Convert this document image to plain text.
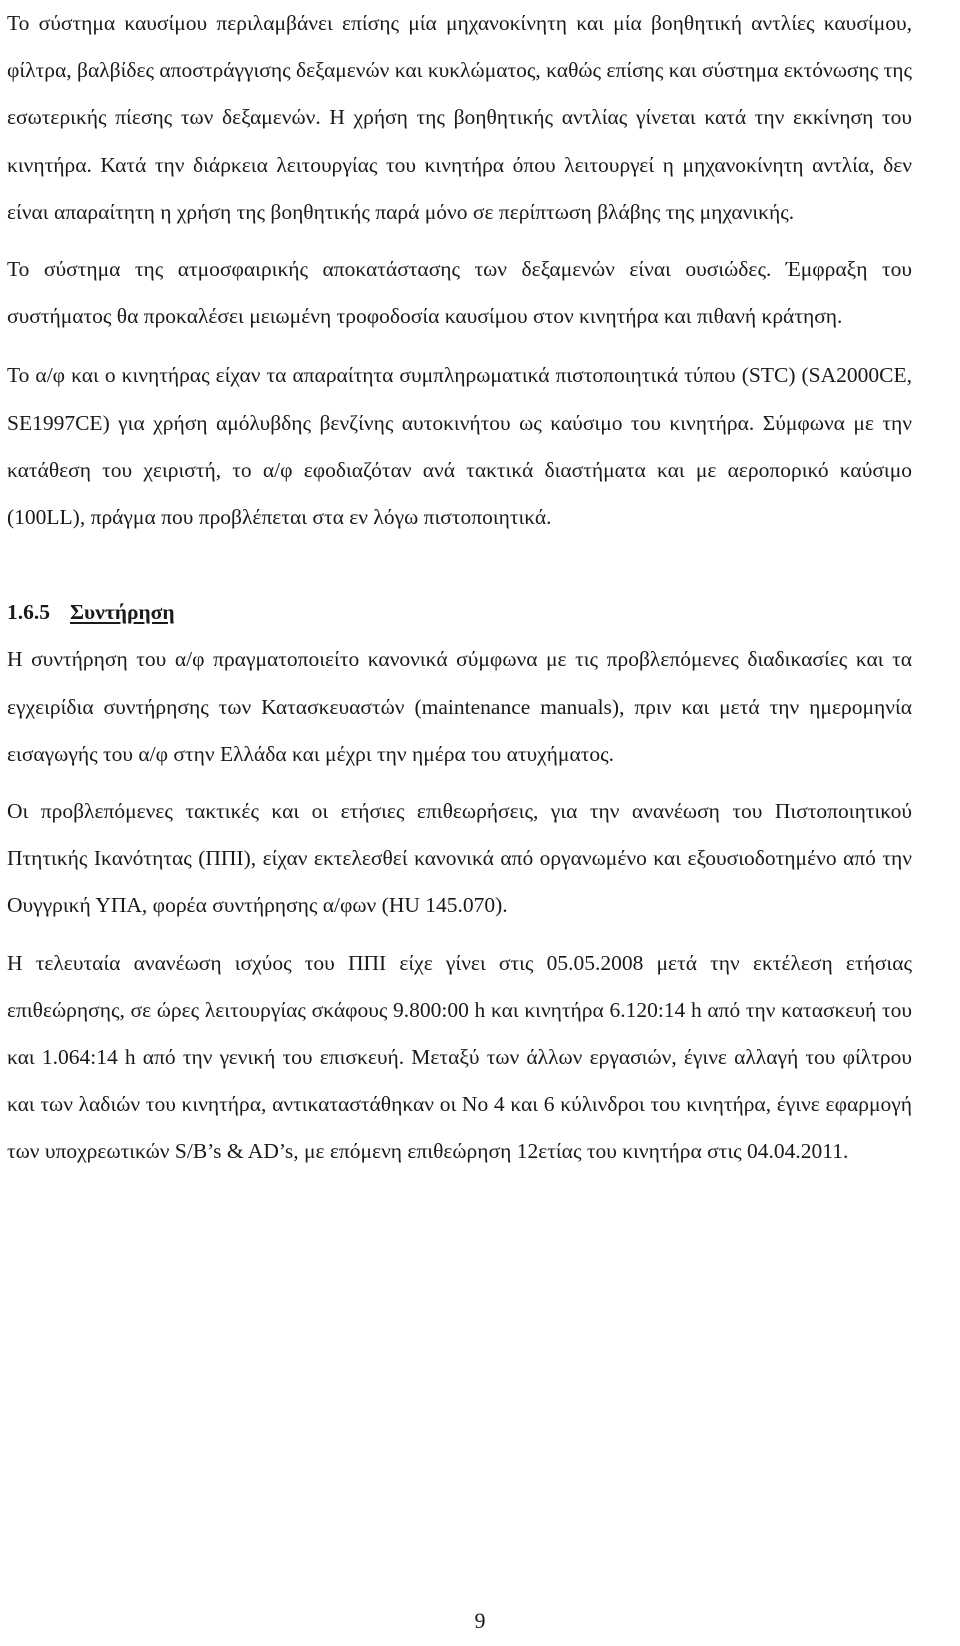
Το σύστημα καυσίμου περιλαμβάνει επίσης μία μηχανοκίνητη και μία βοηθητική αντλίες καυσίμου, φίλτρα, βαλβίδες αποστράγγισης δεξαμενών και κυκλώματος, καθώς επίσης και σύστημα εκτόνωσης της εσωτερικής πίεσης των δεξαμενών. Η χρήση της βοηθητικής αντλίας γίνεται κατά την εκκίνηση του κινητήρα. Κατά την διάρκεια λειτουργίας του κινητήρα όπου λειτουργεί η μηχανοκίνητη αντλία, δεν είναι απαραίτητη η χρήση της βοηθητικής παρά μόνο σε περίπτωση βλάβης της μηχανικής.

Το σύστημα της ατμοσφαιρικής αποκατάστασης των δεξαμενών είναι ουσιώδες. Έμφραξη του συστήματος θα προκαλέσει μειωμένη τροφοδοσία καυσίμου στον κινητήρα και πιθανή κράτηση.

Το α/φ και ο κινητήρας είχαν τα απαραίτητα συμπληρωματικά πιστοποιητικά τύπου (STC) (SA2000CE, SE1997CE) για χρήση αμόλυβδης βενζίνης αυτοκινήτου ως καύσιμο του κινητήρα. Σύμφωνα με την κατάθεση του χειριστή, το α/φ εφοδιαζόταν ανά τακτικά διαστήματα και με αεροπορικό καύσιμο (100LL), πράγμα που προβλέπεται στα εν λόγω πιστοποιητικά.

1.6.5 Συντήρηση

Η συντήρηση του α/φ πραγματοποιείτο κανονικά σύμφωνα με τις προβλεπόμενες διαδικασίες και τα εγχειρίδια συντήρησης των Κατασκευαστών (maintenance manuals), πριν και μετά την ημερομηνία εισαγωγής του α/φ στην Ελλάδα και μέχρι την ημέρα του ατυχήματος.

Οι προβλεπόμενες τακτικές και οι ετήσιες επιθεωρήσεις, για την ανανέωση του Πιστοποιητικού Πτητικής Ικανότητας (ΠΠΙ), είχαν εκτελεσθεί κανονικά από οργανωμένο και εξουσιοδοτημένο από την Ουγγρική ΥΠΑ, φορέα συντήρησης α/φων (HU 145.070).

Η τελευταία ανανέωση ισχύος του ΠΠΙ είχε γίνει στις 05.05.2008 μετά την εκτέλεση ετήσιας επιθεώρησης, σε ώρες λειτουργίας σκάφους 9.800:00 h και κινητήρα 6.120:14 h από την κατασκευή του και 1.064:14 h από την γενική του επισκευή. Μεταξύ των άλλων εργασιών, έγινε αλλαγή του φίλτρου και των λαδιών του κινητήρα, αντικαταστάθηκαν οι Νο 4 και 6 κύλινδροι του κινητήρα, έγινε εφαρμογή των υποχρεωτικών S/B’s & AD’s, με επόμενη επιθεώρηση 12ετίας του κινητήρα στις 04.04.2011.

9
